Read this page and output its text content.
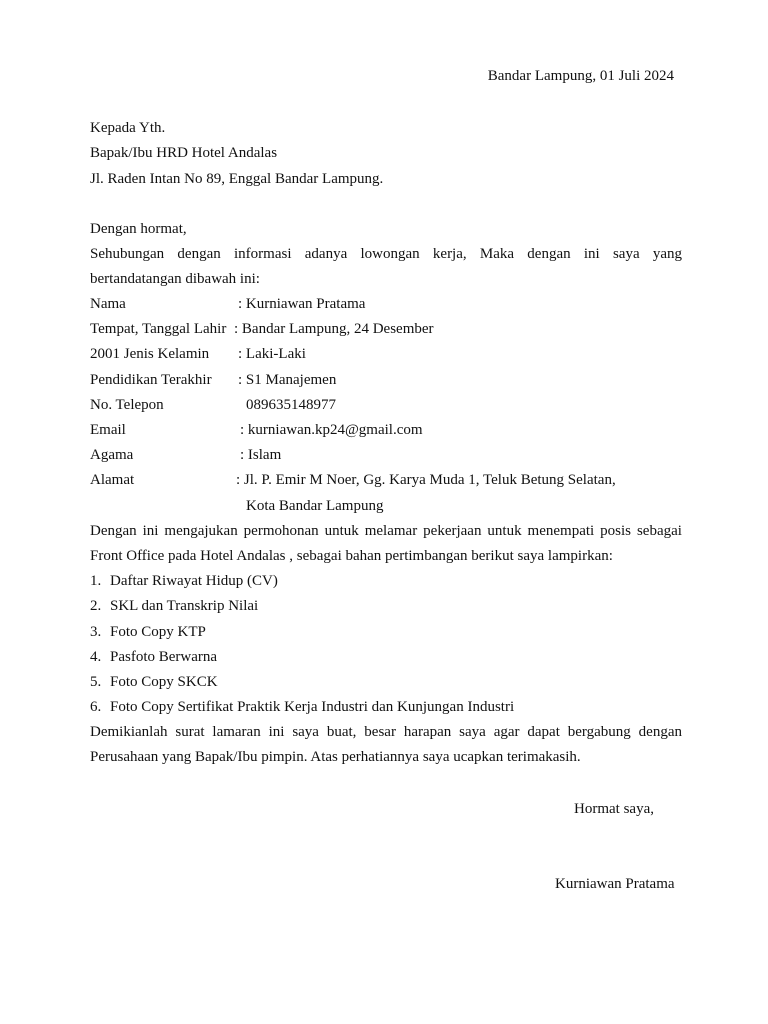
Bandar Lampung, 01 Juli 2024
Kepada Yth.
Bapak/Ibu HRD Hotel Andalas
Jl. Raden Intan No 89, Enggal Bandar Lampung.
Dengan hormat,
Sehubungan dengan informasi adanya lowongan kerja, Maka dengan ini saya yang
bertandatangan dibawah ini:
Nama	: Kurniawan Pratama
Tempat, Tanggal Lahir : Bandar Lampung, 24 Desember
2001 Jenis Kelamin : Laki-Laki
Pendidikan Terakhir : S1 Manajemen
No. Telepon	089635148977
Email	: kurniawan.kp24@gmail.com
Agama	: Islam
Alamat	: Jl. P. Emir M Noer, Gg. Karya Muda 1, Teluk Betung Selatan,
Kota Bandar Lampung
Dengan ini mengajukan permohonan untuk melamar pekerjaan untuk menempati posis sebagai
Front Office pada Hotel Andalas , sebagai bahan pertimbangan berikut saya lampirkan:
1. Daftar Riwayat Hidup (CV)
2. SKL dan Transkrip Nilai
3. Foto Copy KTP
4. Pasfoto Berwarna
5. Foto Copy SKCK
6. Foto Copy Sertifikat Praktik Kerja Industri dan Kunjungan Industri
Demikianlah surat lamaran ini saya buat, besar harapan saya agar dapat bergabung dengan
Perusahaan yang Bapak/Ibu pimpin. Atas perhatiannya saya ucapkan terimakasih.
Hormat saya,
Kurniawan Pratama
